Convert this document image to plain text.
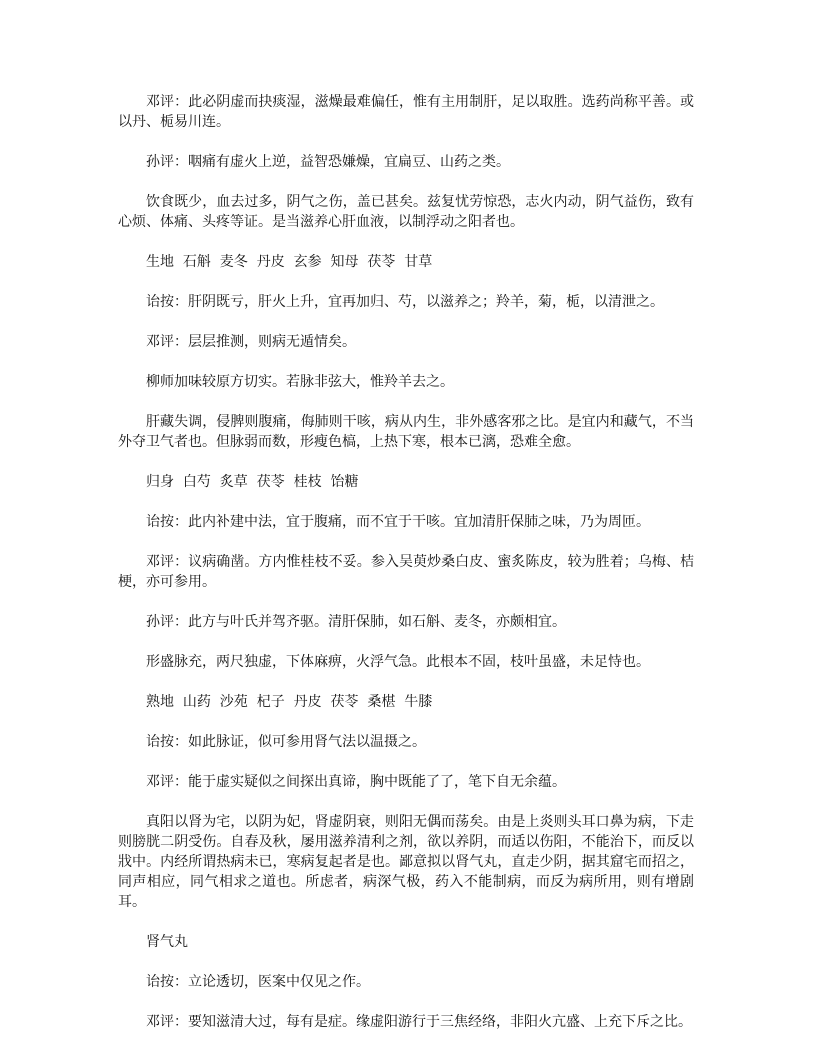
邓评：此必阴虚而抉痰湿，滋燥最难偏任，惟有主用制肝，足以取胜。选药尚称平善。或以丹、栀易川连。

孙评：咽痛有虚火上逆，益智恐嫌燥，宜扁豆、山药之类。

饮食既少，血去过多，阴气之伤，盖已甚矣。兹复忧劳惊恐，志火内动，阴气益伤，致有心烦、体痛、头疼等证。是当滋养心肝血液，以制浮动之阳者也。

生地  石斛  麦冬  丹皮  玄参  知母  茯苓  甘草

诒按：肝阴既亏，肝火上升，宜再加归、芍，以滋养之；羚羊，菊，栀，以清泄之。

邓评：层层推测，则病无遁情矣。

柳师加味较原方切实。若脉非弦大，惟羚羊去之。

肝藏失调，侵脾则腹痛，侮肺则干咳，病从内生，非外感客邪之比。是宜内和藏气，不当外夺卫气者也。但脉弱而数，形瘦色槁，上热下寒，根本已漓，恐难全愈。

归身  白芍  炙草  茯苓  桂枝  饴糖

诒按：此内补建中法，宜于腹痛，而不宜于干咳。宜加清肝保肺之味，乃为周匝。

邓评：议病确凿。方内惟桂枝不妥。参入吴萸炒桑白皮、蜜炙陈皮，较为胜着；乌梅、桔梗，亦可参用。

孙评：此方与叶氏并驾齐驱。清肝保肺，如石斛、麦冬，亦颇相宜。

形盛脉充，两尺独虚，下体麻痹，火浮气急。此根本不固，枝叶虽盛，未足恃也。

熟地  山药  沙苑  杞子  丹皮  茯苓  桑椹  牛膝

诒按：如此脉证，似可参用肾气法以温摄之。

邓评：能于虚实疑似之间探出真谛，胸中既能了了，笔下自无余蕴。

真阳以肾为宅，以阴为妃，肾虚阴衰，则阳无偶而荡矣。由是上炎则头耳口鼻为病，下走则膀胱二阴受伤。自春及秋，屡用滋养清利之剂，欲以养阴，而适以伤阳，不能治下，而反以戕中。内经所谓热病未已，寒病复起者是也。鄙意拟以肾气丸，直走少阴，据其窟宅而招之，同声相应，同气相求之道也。所虑者，病深气极，药入不能制病，而反为病所用，则有增剧耳。

肾气丸

诒按：立论透切，医案中仅见之作。

邓评：要知滋清大过，每有是症。缘虚阳游行于三焦经络，非阳火亢盛、上充下斥之比。
